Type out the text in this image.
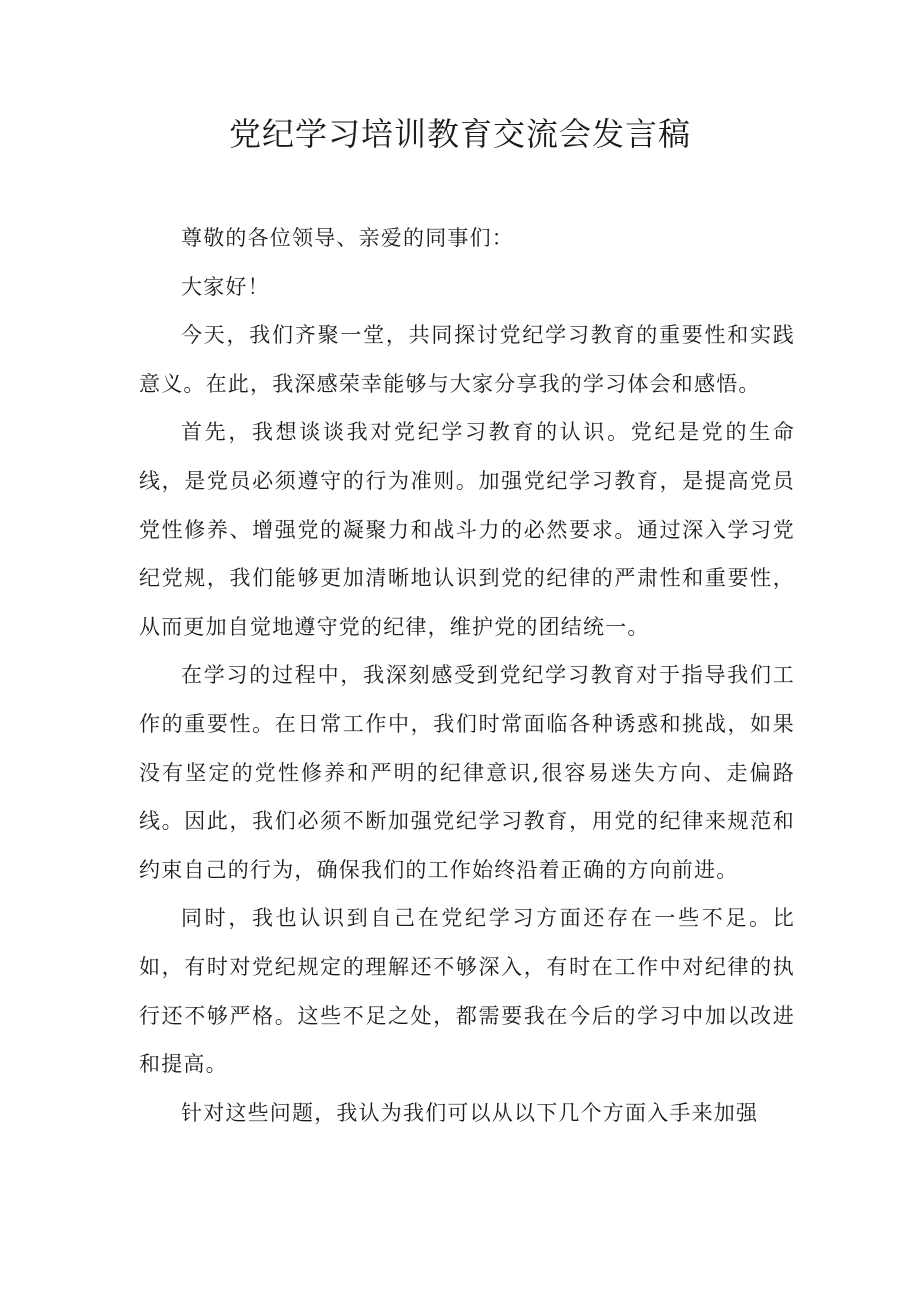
党纪学习培训教育交流会发言稿

尊敬的各位领导、亲爱的同事们：

大家好！

今天，我们齐聚一堂，共同探讨党纪学习教育的重要性和实践意义。在此，我深感荣幸能够与大家分享我的学习体会和感悟。

首先，我想谈谈我对党纪学习教育的认识。党纪是党的生命线，是党员必须遵守的行为准则。加强党纪学习教育，是提高党员党性修养、增强党的凝聚力和战斗力的必然要求。通过深入学习党纪党规，我们能够更加清晰地认识到党的纪律的严肃性和重要性，从而更加自觉地遵守党的纪律，维护党的团结统一。

在学习的过程中，我深刻感受到党纪学习教育对于指导我们工作的重要性。在日常工作中，我们时常面临各种诱惑和挑战，如果没有坚定的党性修养和严明的纪律意识,很容易迷失方向、走偏路线。因此，我们必须不断加强党纪学习教育，用党的纪律来规范和约束自己的行为，确保我们的工作始终沿着正确的方向前进。

同时，我也认识到自己在党纪学习方面还存在一些不足。比如，有时对党纪规定的理解还不够深入，有时在工作中对纪律的执行还不够严格。这些不足之处，都需要我在今后的学习中加以改进和提高。

针对这些问题，我认为我们可以从以下几个方面入手来加强
